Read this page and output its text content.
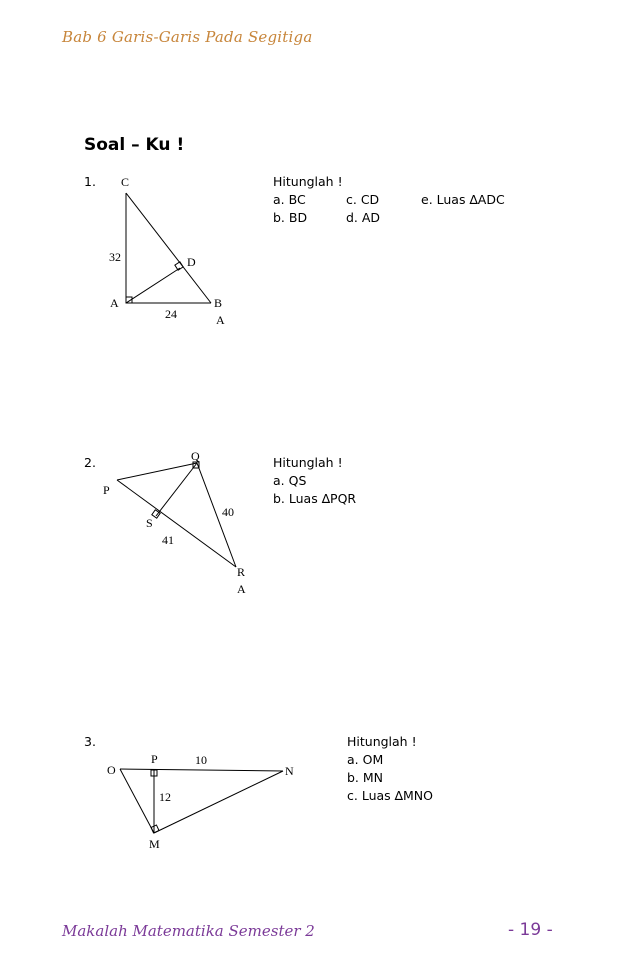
Bab 6 Garis-Garis Pada Segitiga
Soal – Ku !
1. C
D
A	B
32
24	A
Hitunglah !
a. BC	c. CD	e. Luas ∆ADC
b. BD	d. AD
2.	Q
P
S
R
40
41
A
Hitunglah !
a. QS
b. Luas ∆PQR
3.
O
P
N
M
10
12
Hitunglah !
a. OM
b. MN
c. Luas ∆MNO
Makalah Matematika Semester 2	- 19 -
